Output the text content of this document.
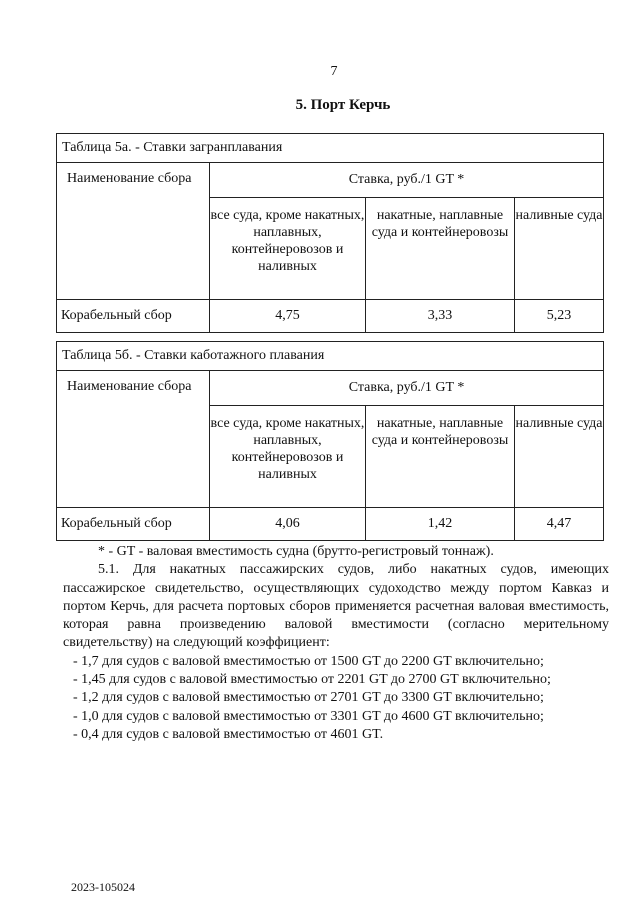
7
5. Порт Керчь
Таблица 5а. - Ставки загранплавания			
Наименование сбора	Ставка, руб./1 GT *		
	все суда, кроме накатных, наплавных, контейнеровозов и наливных	накатные, наплавные суда и контейнеровозы	наливные суда
Корабельный сбор	4,75	3,33	5,23
Таблица 5б. - Ставки каботажного плавания			
Наименование сбора	Ставка, руб./1 GT *		
	все суда, кроме накатных, наплавных, контейнеровозов и наливных	накатные, наплавные суда и контейнеровозы	наливные суда
Корабельный сбор	4,06	1,42	4,47

* - GT - валовая вместимость судна (брутто-регистровый тоннаж).

5.1. Для накатных пассажирских судов, либо накатных судов, имеющих пассажирское свидетельство, осуществляющих судоходство между портом Кавказ и портом Керчь, для расчета портовых сборов применяется расчетная валовая вместимость, которая равна произведению валовой вместимости (согласно мерительному свидетельству) на следующий коэффициент:

- 1,7 для судов с валовой вместимостью от 1500 GT до 2200 GT включительно;
- 1,45 для судов с валовой вместимостью от 2201 GT до 2700 GT включительно;
- 1,2 для судов с валовой вместимостью от 2701 GT до 3300 GT включительно;
- 1,0 для судов с валовой вместимостью от 3301 GT до 4600 GT включительно;
- 0,4 для судов с валовой вместимостью от 4601 GT.
2023-105024
